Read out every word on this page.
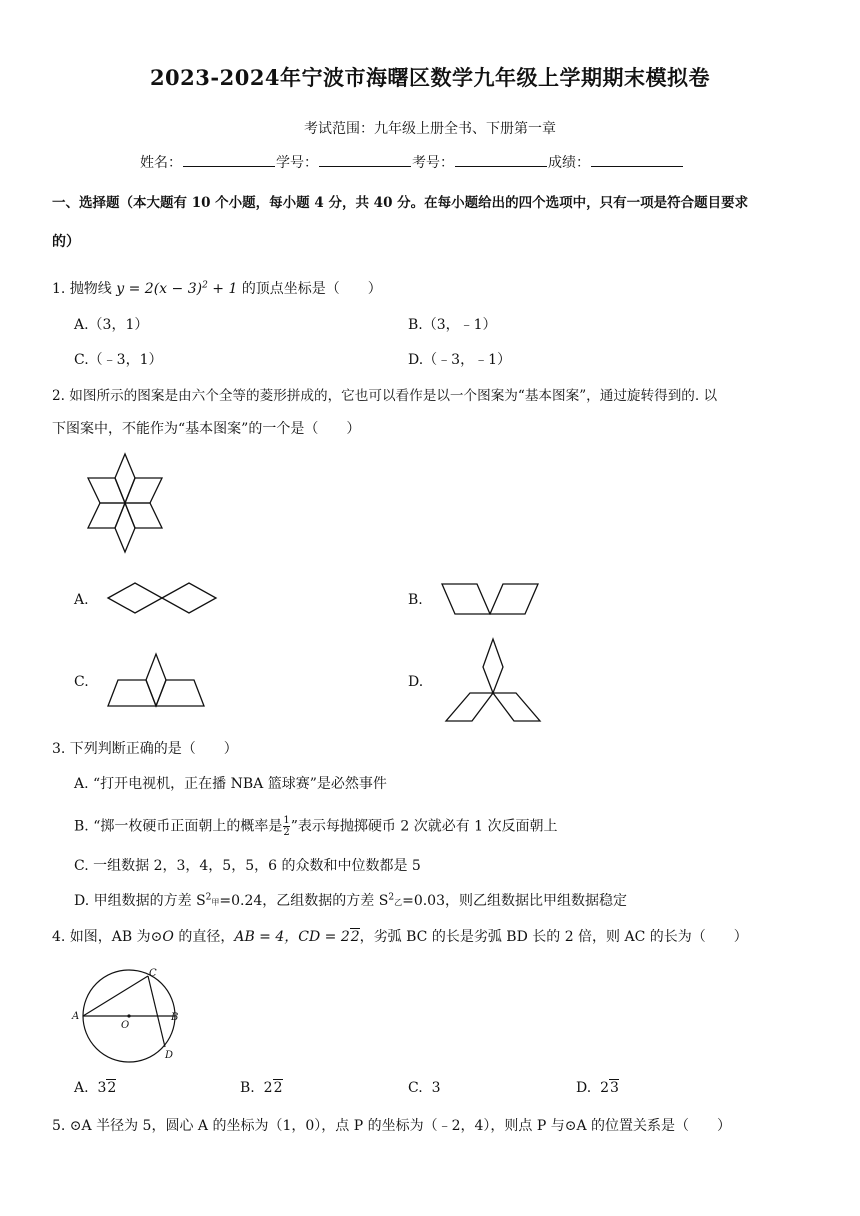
2023-2024年宁波市海曙区数学九年级上学期期末模拟卷
考试范围：九年级上册全书、下册第一章
姓名：	学号：	考号：	成绩：
一、选择题（本大题有 10 个小题，每小题 4 分，共 40 分。在每小题给出的四个选项中，只有一项是符合题目要求
的）
1. 抛物线 $y = 2(x - 3)^2 + 1$ 的顶点坐标是（　　）
A.（3，1）	B.（3，﹣1）
C.（﹣3，1）	D.（﹣3，﹣1）
2. 如图所示的图案是由六个全等的菱形拼成的，它也可以看作是以一个图案为“基本图案”，通过旋转得到的. 以
下图案中，不能作为“基本图案”的一个是（　　）
A.	B.
C.	D.
3. 下列判断正确的是（　　）
A. “打开电视机，正在播 NBA 篮球赛”是必然事件
B. “掷一枚硬币正面朝上的概率是 $\frac{1}{2}$ ”表示每抛掷硬币 2 次就必有 1 次反面朝上
C. 一组数据 2，3，4，5，5，6 的众数和中位数都是 5
D. 甲组数据的方差 $S^2$甲=0.24，乙组数据的方差 $S^2$乙=0.03，则乙组数据比甲组数据稳定
4. 如图，AB 为⊙O 的直径，AB = 4，CD = 22，劣弧 BC 的长是劣弧 BD 长的 2 倍，则 AC 的长为（　　）
A	B
C
D
O
A. 32	B. 22	C. 3	D. 23
5. ⊙A 半径为 5，圆心 A 的坐标为（1，0），点 P 的坐标为（﹣2，4），则点 P 与⊙A 的位置关系是（　　）
